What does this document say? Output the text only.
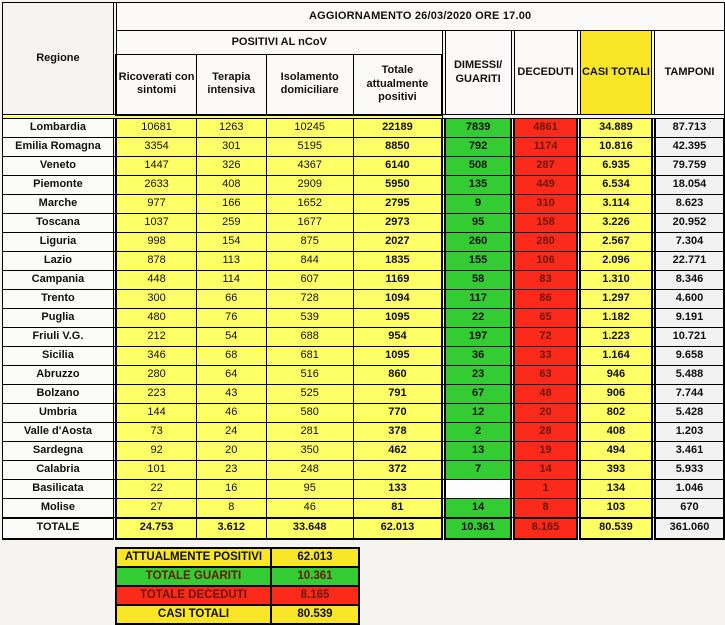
Regione		AGGIORNAMENTO 26/03/2020 ORE 17.00											
		POSITIVI AL nCoV					DIMESSI/ GUARITI		DECEDUTI		CASI TOTALI		TAMPONI
		Ricoverati con sintomi	Terapia intensiva	Isolamento domiciliare	Totale attualmente positivi								

Lombardia		10681	1263	10245	22189		7839		4861		34.889		87.713
Emilia Romagna		3354	301	5195	8850		792		1174		10.816		42.395
Veneto		1447	326	4367	6140		508		287		6.935		79.759
Piemonte		2633	408	2909	5950		135		449		6.534		18.054
Marche		977	166	1652	2795		9		310		3.114		8.623
Toscana		1037	259	1677	2973		95		158		3.226		20.952
Liguria		998	154	875	2027		260		280		2.567		7.304
Lazio		878	113	844	1835		155		106		2.096		22.771
Campania		448	114	607	1169		58		83		1.310		8.346
Trento		300	66	728	1094		117		86		1.297		4.600
Puglia		480	76	539	1095		22		65		1.182		9.191
Friuli V.G.		212	54	688	954		197		72		1.223		10.721
Sicilia		346	68	681	1095		36		33		1.164		9.658
Abruzzo		280	64	516	860		23		63		946		5.488
Bolzano		223	43	525	791		67		48		906		7.744
Umbria		144	46	580	770		12		20		802		5.428
Valle d'Aosta		73	24	281	378		2		28		408		1.203
Sardegna		92	20	350	462		13		19		494		3.461
Calabria		101	23	248	372		7		14		393		5.933
Basilicata		22	16	95	133				1		134		1.046
Molise		27	8	46	81		14		8		103		670
TOTALE		24.753	3.612	33.648	62.013		10.361		8.165		80.539		361.060
ATTUALMENTE POSITIVI	62.013
TOTALE GUARITI	10.361
TOTALE DECEDUTI	8.165
CASI TOTALI	80.539
